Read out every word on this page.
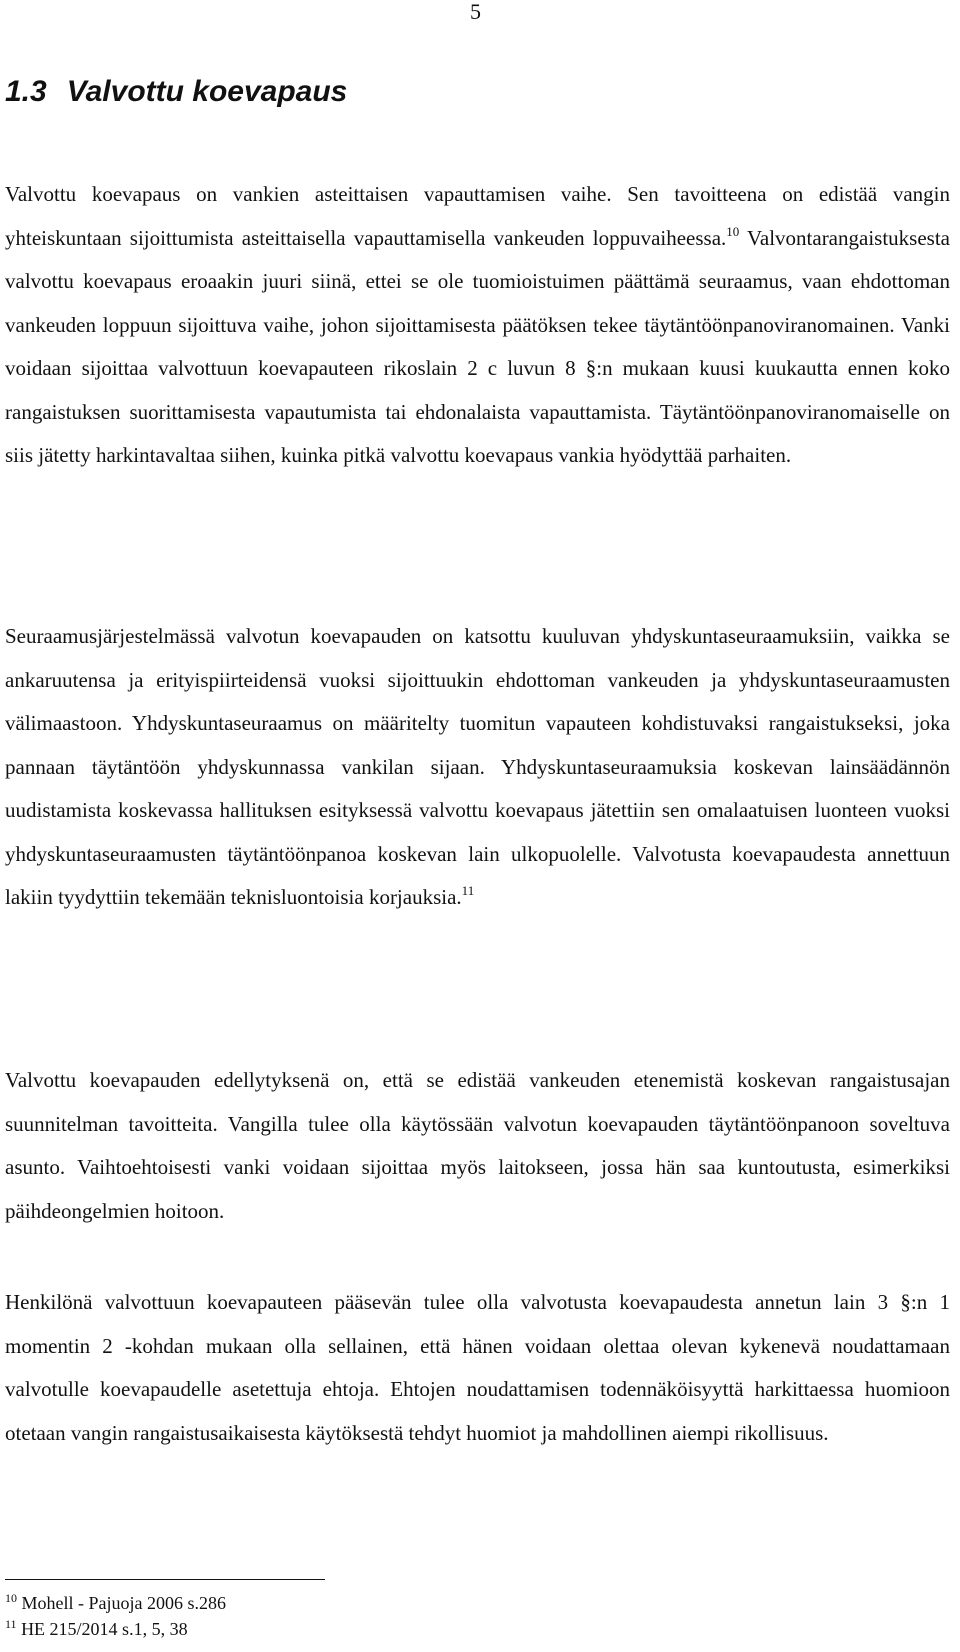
5
1.3 Valvottu koevapaus

Valvottu koevapaus on vankien asteittaisen vapauttamisen vaihe. Sen tavoitteena on edistää vangin yhteiskuntaan sijoittumista asteittaisella vapauttamisella vankeuden loppuvaiheessa.$^{10}$ Valvontarangaistuksesta valvottu koevapaus eroaakin juuri siinä, ettei se ole tuomioistuimen päättämä seuraamus, vaan ehdottoman vankeuden loppuun sijoittuva vaihe, johon sijoittamisesta päätöksen tekee täytäntöönpanoviranomainen. Vanki voidaan sijoittaa valvottuun koevapauteen rikoslain 2 c luvun 8 §:n mukaan kuusi kuukautta ennen koko rangaistuksen suorittamisesta vapautumista tai ehdonalaista vapauttamista. Täytäntöönpanoviranomaiselle on siis jätetty harkintavaltaa siihen, kuinka pitkä valvottu koevapaus vankia hyödyttää parhaiten.

Seuraamusjärjestelmässä valvotun koevapauden on katsottu kuuluvan yhdyskuntaseuraamuksiin, vaikka se ankaruutensa ja erityispiirteidensä vuoksi sijoittuukin ehdottoman vankeuden ja yhdyskuntaseuraamusten välimaastoon. Yhdyskuntaseuraamus on määritelty tuomitun vapauteen kohdistuvaksi rangaistukseksi, joka pannaan täytäntöön yhdyskunnassa vankilan sijaan. Yhdyskuntaseuraamuksia koskevan lainsäädännön uudistamista koskevassa hallituksen esityksessä valvottu koevapaus jätettiin sen omalaatuisen luonteen vuoksi yhdyskuntaseuraamusten täytäntöönpanoa koskevan lain ulkopuolelle. Valvotusta koevapaudesta annettuun lakiin tyydyttiin tekemään teknisluontoisia korjauksia.$^{11}$

Valvottu koevapauden edellytyksenä on, että se edistää vankeuden etenemistä koskevan rangaistusajan suunnitelman tavoitteita. Vangilla tulee olla käytössään valvotun koevapauden täytäntöönpanoon soveltuva asunto. Vaihtoehtoisesti vanki voidaan sijoittaa myös laitokseen, jossa hän saa kuntoutusta, esimerkiksi päihdeongelmien hoitoon.

Henkilönä valvottuun koevapauteen pääsevän tulee olla valvotusta koevapaudesta annetun lain 3 §:n 1 momentin 2 -kohdan mukaan olla sellainen, että hänen voidaan olettaa olevan kykenevä noudattamaan valvotulle koevapaudelle asetettuja ehtoja. Ehtojen noudattamisen todennäköisyyttä harkittaessa huomioon otetaan vangin rangaistusaikaisesta käytöksestä tehdyt huomiot ja mahdollinen aiempi rikollisuus.

$^{10}$ Mohell - Pajuoja 2006 s.286
$^{11}$ HE 215/2014 s.1, 5, 38
